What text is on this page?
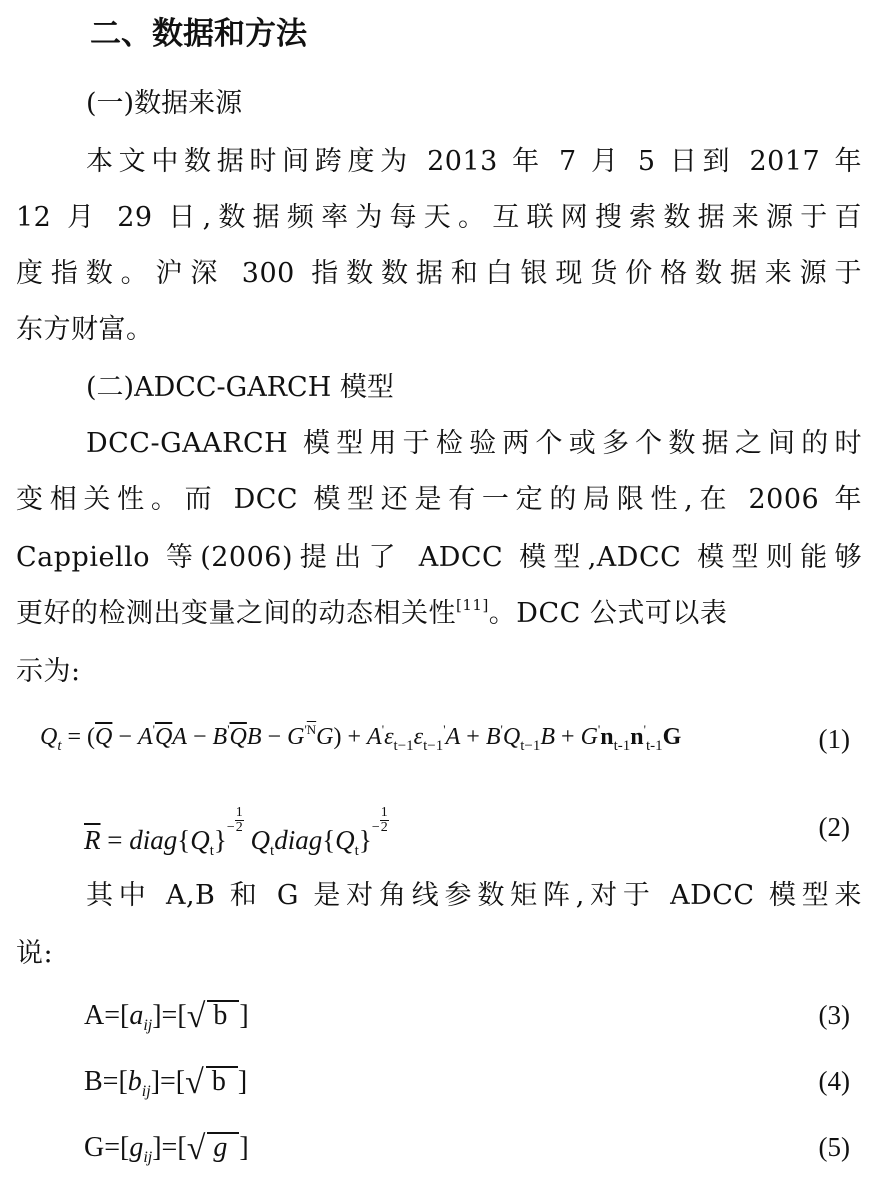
二、数据和方法
(一)数据来源
本文中数据时间跨度为 2013 年 7 月 5 日到 2017 年
12 月 29 日,数据频率为每天。互联网搜索数据来源于百
度指数。沪深 300 指数数据和白银现货价格数据来源于
东方财富。
(二)ADCC-GARCH 模型
DCC-GAARCH 模型用于检验两个或多个数据之间的时
变相关性。而 DCC 模型还是有一定的局限性,在 2006 年
Cappiello 等(2006)提出了 ADCC 模型,ADCC 模型则能够
更好的检测出变量之间的动态相关性[11]。DCC 公式可以表
示为:
$Q_t = (\overline{Q} - A'\overline{Q}A - B'\overline{Q}B - G^{'\overline{N}}G) + A'\varepsilon_{t-1}\varepsilon_{t-1}'A + B'Q_{t-1}B + G'n_{t-1}n'_{t-1}G$	(1)
$\overline{R}$ = $diag\{Q_t\}- \frac{1}{2}$
$Q_tdiag\{Q_t\}- \frac{1}{2}$	(2)
其中 A,B 和 G 是对角线参数矩阵,对于 ADCC 模型来
说:
$A=[a_{ij}]=[√$ b ]	(3)
$B=[b_{ij}]=[√$ b ]	(4)
$G=[g_{ij}]=[√$ g ]	(5)
